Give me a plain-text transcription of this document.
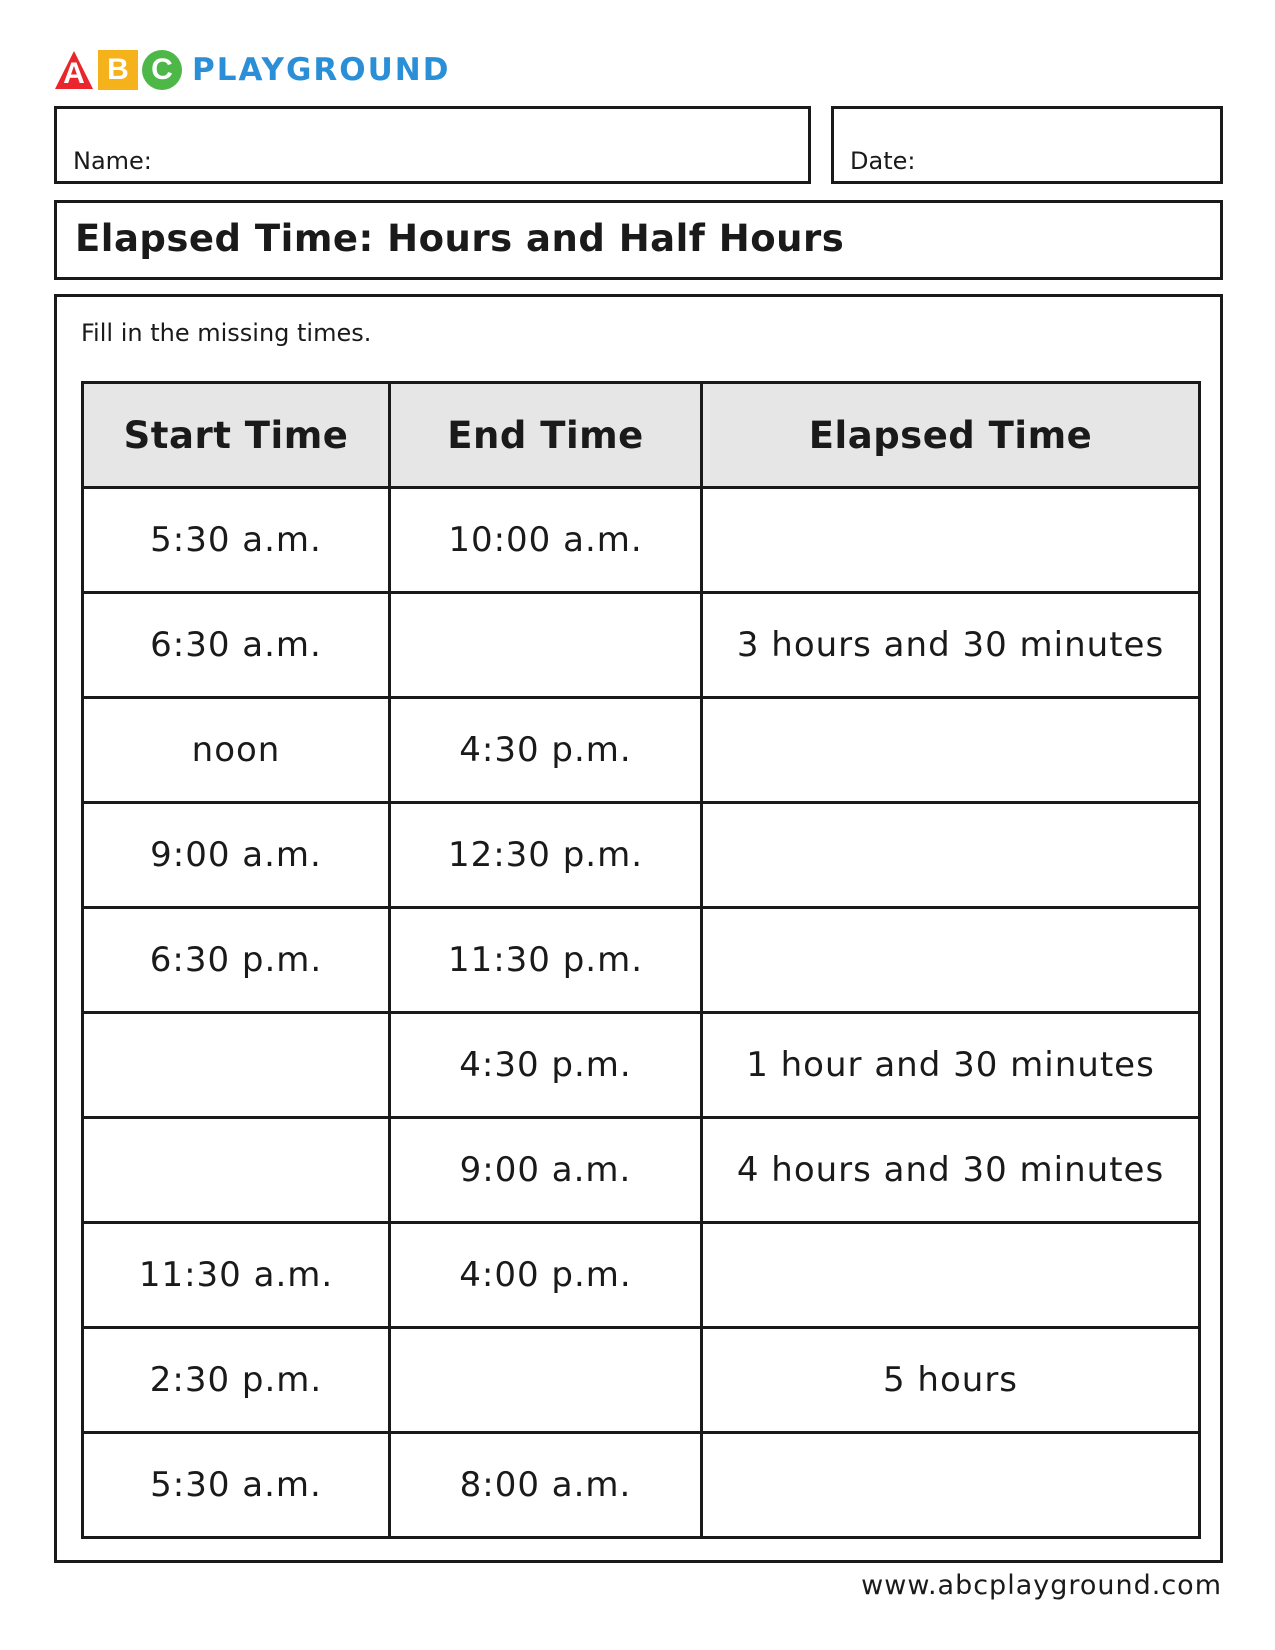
A B C PLAYGROUND
Name:	Date:
Elapsed Time: Hours and Half Hours
Fill in the missing times.
Start Time	End Time	Elapsed Time
5:30 a.m.	10:00 a.m.	
6:30 a.m.		3 hours and 30 minutes
noon	4:30 p.m.	
9:00 a.m.	12:30 p.m.	
6:30 p.m.	11:30 p.m.	
	4:30 p.m.	1 hour and 30 minutes
	9:00 a.m.	4 hours and 30 minutes
11:30 a.m.	4:00 p.m.	
2:30 p.m.		5 hours
5:30 a.m.	8:00 a.m.	
www.abcplayground.com
